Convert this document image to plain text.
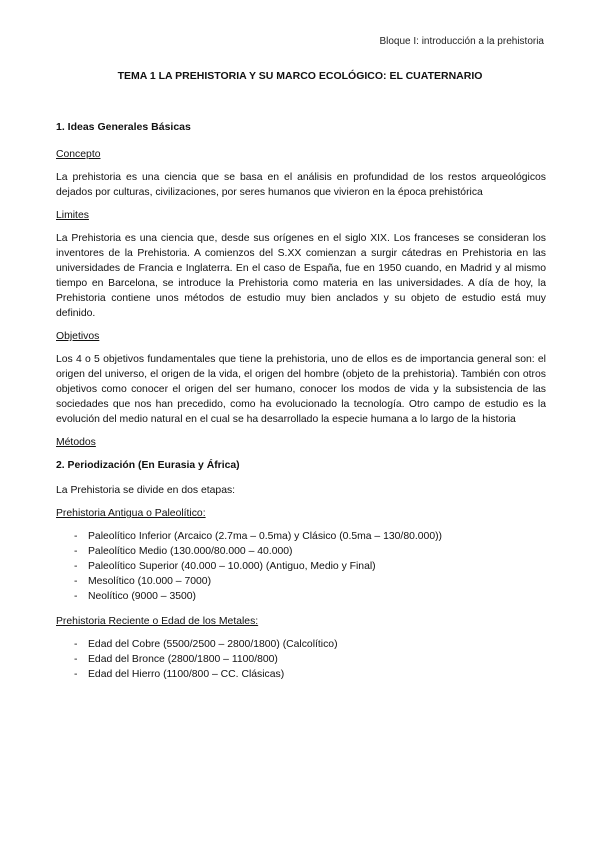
Bloque I: introducción a la prehistoria
TEMA 1 LA PREHISTORIA Y SU MARCO ECOLÓGICO: EL CUATERNARIO
1. Ideas Generales Básicas
Concepto
La prehistoria es una ciencia que se basa en el análisis en profundidad de los restos arqueológicos dejados por culturas, civilizaciones, por seres humanos que vivieron en la época prehistórica
Limites
La Prehistoria es una ciencia que, desde sus orígenes en el siglo XIX. Los franceses se consideran los inventores de la Prehistoria. A comienzos del S.XX comienzan a surgir cátedras en Prehistoria en las universidades de Francia e Inglaterra. En el caso de España, fue en 1950 cuando, en Madrid y al mismo tiempo en Barcelona, se introduce la Prehistoria como materia en las universidades. A día de hoy, la Prehistoria contiene unos métodos de estudio muy bien anclados y su objeto de estudio está muy definido.
Objetivos
Los 4 o 5 objetivos fundamentales que tiene la prehistoria, uno de ellos es de importancia general son: el origen del universo, el origen de la vida, el origen del hombre (objeto de la prehistoria). También con otros objetivos como conocer el origen del ser humano, conocer los modos de vida y la subsistencia de las sociedades que nos han precedido, como ha evolucionado la tecnología. Otro campo de estudio es la evolución del medio natural en el cual se ha desarrollado la especie humana a lo largo de la historia
Métodos
2. Periodización (En Eurasia y África)
La Prehistoria se divide en dos etapas:
Prehistoria Antigua o Paleolítico:
- Paleolítico Inferior (Arcaico (2.7ma – 0.5ma) y Clásico (0.5ma – 130/80.000))
- Paleolítico Medio (130.000/80.000 – 40.000)
- Paleolítico Superior (40.000 – 10.000) (Antiguo, Medio y Final)
- Mesolítico (10.000 – 7000)
- Neolítico (9000 – 3500)
Prehistoria Reciente o Edad de los Metales:
- Edad del Cobre (5500/2500 – 2800/1800) (Calcolítico)
- Edad del Bronce (2800/1800 – 1100/800)
- Edad del Hierro (1100/800 – CC. Clásicas)
